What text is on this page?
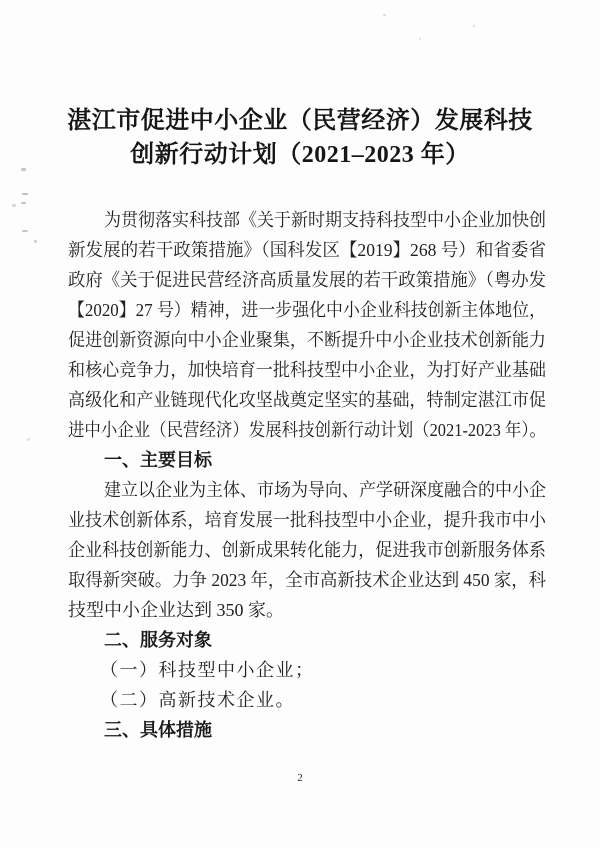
湛江市促进中小企业（民营经济）发展科技
创新行动计划（2021–2023 年）
为贯彻落实科技部《关于新时期支持科技型中小企业加快创
新发展的若干政策措施》（国科发区【2019】268 号）和省委省
政府《关于促进民营经济高质量发展的若干政策措施》（粤办发
【2020】27 号）精神，进一步强化中小企业科技创新主体地位，
促进创新资源向中小企业聚集，不断提升中小企业技术创新能力
和核心竞争力，加快培育一批科技型中小企业，为打好产业基础
高级化和产业链现代化攻坚战奠定坚实的基础，特制定湛江市促
进中小企业（民营经济）发展科技创新行动计划（2021-2023 年）。
一、主要目标
建立以企业为主体、市场为导向、产学研深度融合的中小企
业技术创新体系，培育发展一批科技型中小企业，提升我市中小
企业科技创新能力、创新成果转化能力，促进我市创新服务体系
取得新突破。力争 2023 年，全市高新技术企业达到 450 家，科
技型中小企业达到 350 家。
二、服务对象
（一）科技型中小企业；
（二）高新技术企业。
三、具体措施
2
